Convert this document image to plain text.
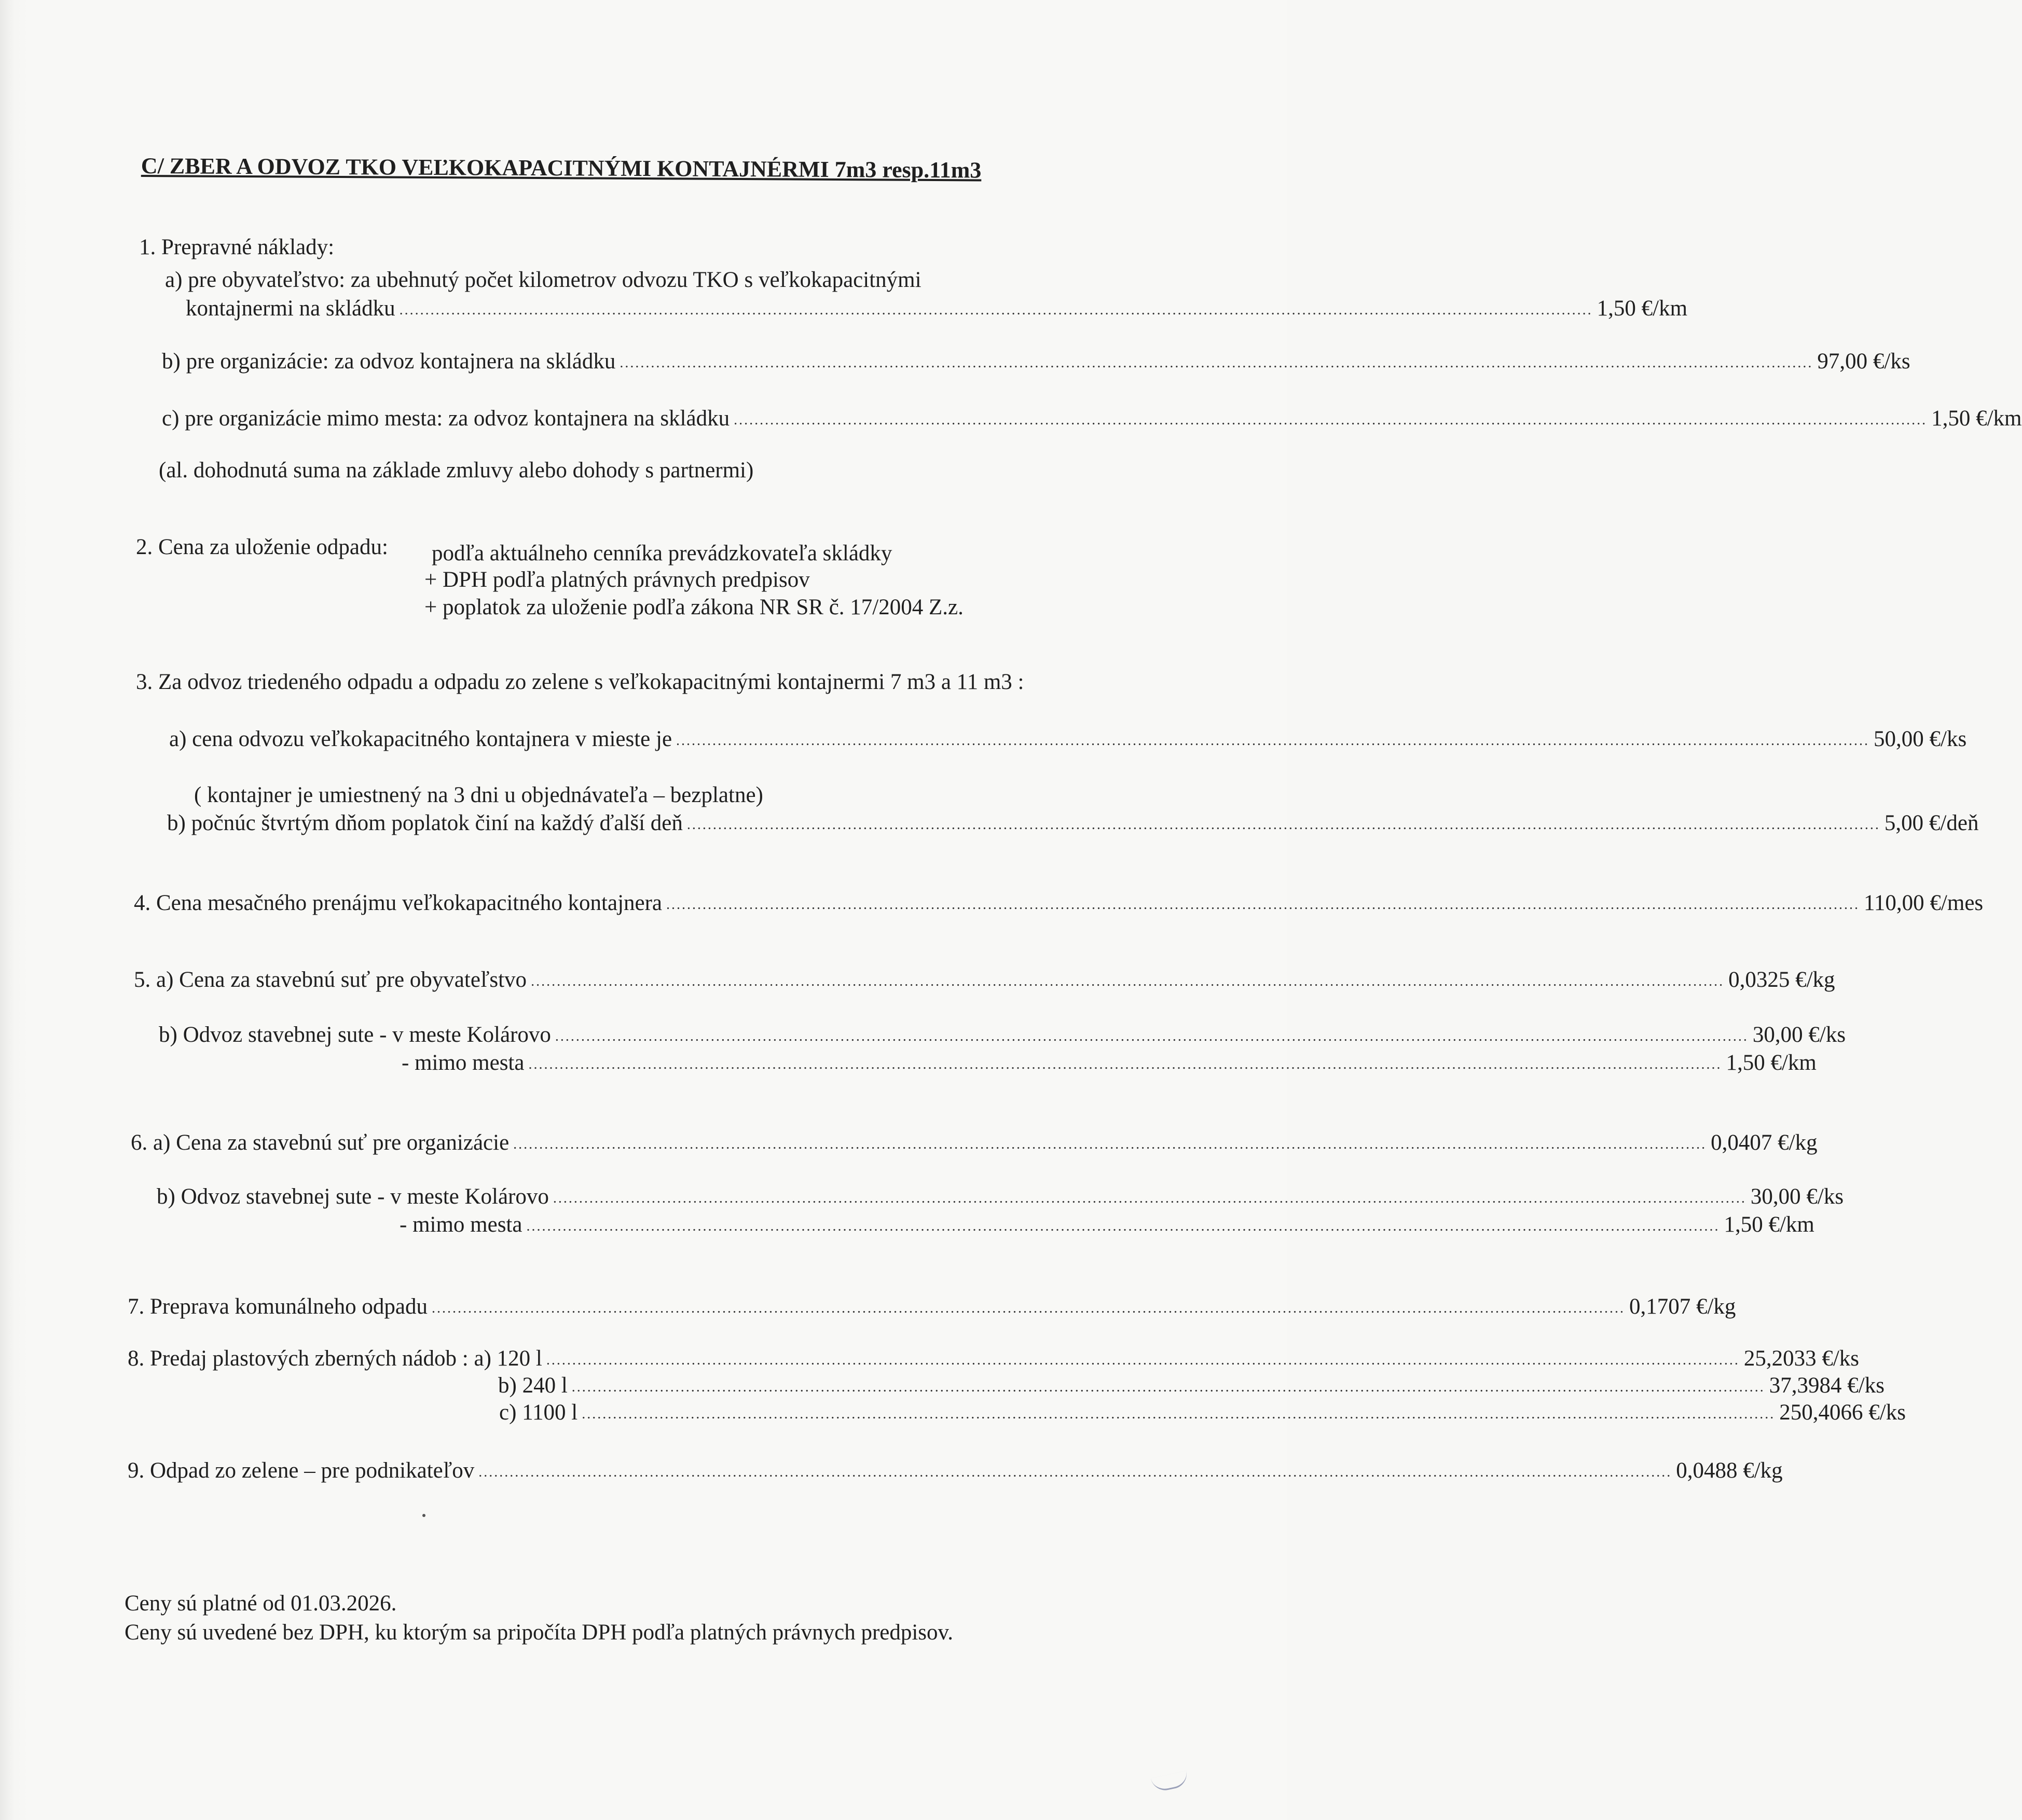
C/ ZBER A ODVOZ TKO VEĽKOKAPACITNÝMI KONTAJNÉRMI 7m3 resp.11m3
1. Prepravné náklady:
a) pre obyvateľstvo: za ubehnutý počet kilometrov odvozu TKO s veľkokapacitnými
kontajnermi na skládku ...................................................................................................................................................................................................................................... 1,50 €/km
b) pre organizácie: za odvoz kontajnera na skládku ...................................................................................................................................................................................................................................... 97,00 €/ks
c) pre organizácie mimo mesta: za odvoz kontajnera na skládku ...................................................................................................................................................................................................................................... 1,50 €/km
(al. dohodnutá suma na základe zmluvy alebo dohody s partnermi)
2. Cena za uloženie odpadu: podľa aktuálneho cenníka prevádzkovateľa skládky
+ DPH podľa platných právnych predpisov
+ poplatok za uloženie podľa zákona NR SR č. 17/2004 Z.z.
3. Za odvoz triedeného odpadu a odpadu zo zelene s veľkokapacitnými kontajnermi 7 m3 a 11 m3 :
a) cena odvozu veľkokapacitného kontajnera v mieste je ...................................................................................................................................................................................................................................... 50,00 €/ks
( kontajner je umiestnený na 3 dni u objednávateľa – bezplatne)
b) počnúc štvrtým dňom poplatok činí na každý ďalší deň ...................................................................................................................................................................................................................................... 5,00 €/deň
4. Cena mesačného prenájmu veľkokapacitného kontajnera ...................................................................................................................................................................................................................................... 110,00 €/mes
5. a) Cena za stavebnú suť pre obyvateľstvo ...................................................................................................................................................................................................................................... 0,0325 €/kg
b) Odvoz stavebnej sute - v meste Kolárovo ...................................................................................................................................................................................................................................... 30,00 €/ks
- mimo mesta ...................................................................................................................................................................................................................................... 1,50 €/km
6. a) Cena za stavebnú suť pre organizácie ...................................................................................................................................................................................................................................... 0,0407 €/kg
b) Odvoz stavebnej sute - v meste Kolárovo ...................................................................................................................................................................................................................................... 30,00 €/ks
- mimo mesta ...................................................................................................................................................................................................................................... 1,50 €/km
7. Preprava komunálneho odpadu ...................................................................................................................................................................................................................................... 0,1707 €/kg
8. Predaj plastových zberných nádob : a) 120 l ...................................................................................................................................................................................................................................... 25,2033 €/ks
b) 240 l ...................................................................................................................................................................................................................................... 37,3984 €/ks
c) 1100 l ...................................................................................................................................................................................................................................... 250,4066 €/ks
9. Odpad zo zelene – pre podnikateľov ...................................................................................................................................................................................................................................... 0,0488 €/kg
Ceny sú platné od 01.03.2026.
Ceny sú uvedené bez DPH, ku ktorým sa pripočíta DPH podľa platných právnych predpisov.
